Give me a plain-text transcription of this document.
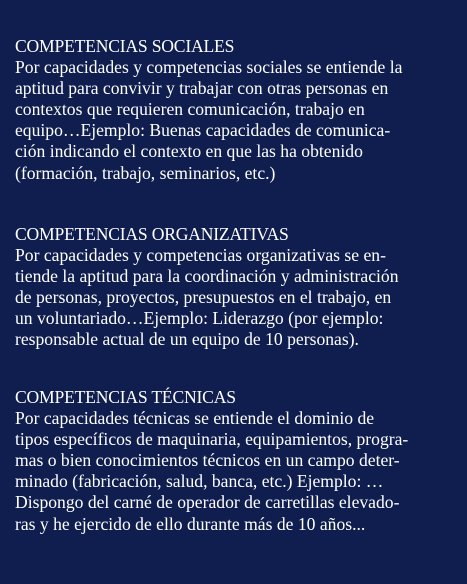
COMPETENCIAS SOCIALES
Por capacidades y competencias sociales se entiende la
aptitud para convivir y trabajar con otras personas en
contextos que requieren comunicación, trabajo en
equipo…Ejemplo: Buenas capacidades de comunica-
ción indicando el contexto en que las ha obtenido
(formación, trabajo, seminarios, etc.)
COMPETENCIAS ORGANIZATIVAS
Por capacidades y competencias organizativas se en-
tiende la aptitud para la coordinación y administración
de personas, proyectos, presupuestos en el trabajo, en
un voluntariado…Ejemplo: Liderazgo (por ejemplo:
responsable actual de un equipo de 10 personas).
COMPETENCIAS TÉCNICAS
Por capacidades técnicas se entiende el dominio de
tipos específicos de maquinaria, equipamientos, progra-
mas o bien conocimientos técnicos en un campo deter-
minado (fabricación, salud, banca, etc.) Ejemplo: …
Dispongo del carné de operador de carretillas elevado-
ras y he ejercido de ello durante más de 10 años...
